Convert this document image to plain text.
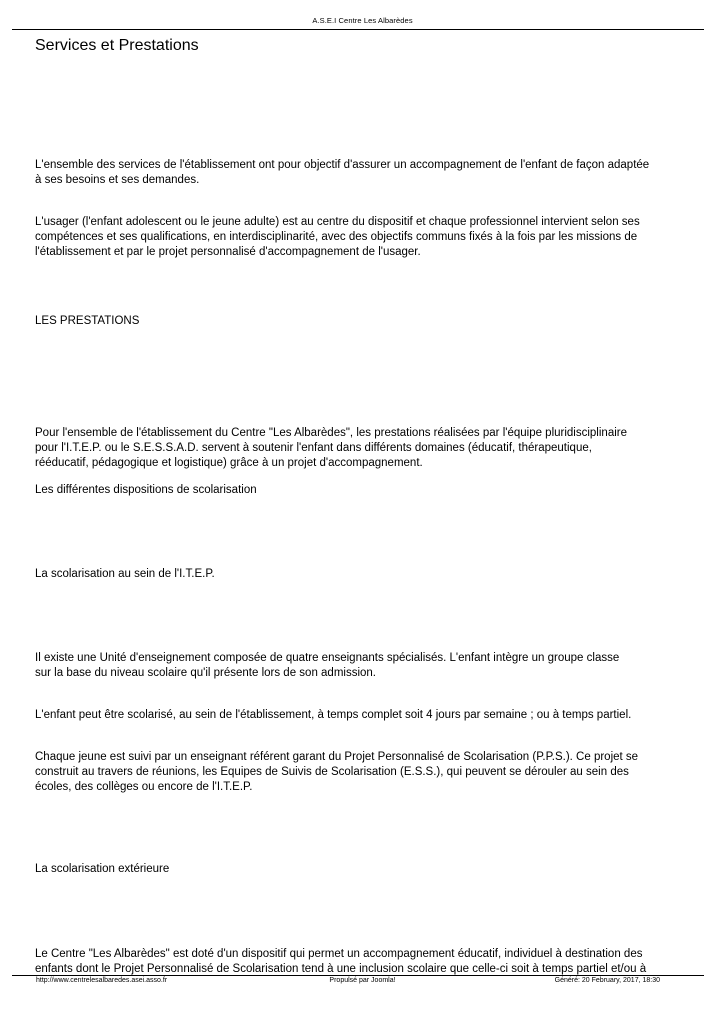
A.S.E.I Centre Les Albarèdes
Services et Prestations
L'ensemble des services de l'établissement ont pour objectif d'assurer un accompagnement de l'enfant de façon adaptée
à ses besoins et ses demandes.
L'usager (l'enfant adolescent ou le jeune adulte) est au centre du dispositif et chaque professionnel intervient selon ses
compétences et ses qualifications, en interdisciplinarité, avec des objectifs communs fixés à la fois par les missions de
l'établissement et par le projet personnalisé d'accompagnement de l'usager.
LES PRESTATIONS
Pour l'ensemble de l'établissement du Centre "Les Albarèdes", les prestations réalisées par l'équipe pluridisciplinaire
pour l'I.T.E.P. ou le S.E.S.S.A.D. servent à soutenir l'enfant dans différents domaines (éducatif, thérapeutique,
rééducatif, pédagogique et logistique) grâce à un projet d'accompagnement.
Les différentes dispositions de scolarisation
La scolarisation au sein de l'I.T.E.P.
Il existe une Unité d'enseignement composée de quatre enseignants spécialisés. L'enfant intègre un groupe classe
sur la base du niveau scolaire qu'il présente lors de son admission.
L'enfant peut être scolarisé, au sein de l'établissement, à temps complet soit 4 jours par semaine ; ou à temps partiel.
Chaque jeune est suivi par un enseignant référent garant du Projet Personnalisé de Scolarisation (P.P.S.). Ce projet se
construit au travers de réunions, les Equipes de Suivis de Scolarisation (E.S.S.), qui peuvent se dérouler au sein des
écoles, des collèges ou encore de l'I.T.E.P.
La scolarisation extérieure
Le Centre "Les Albarèdes" est doté d'un dispositif qui permet un accompagnement éducatif, individuel à destination des
enfants dont le Projet Personnalisé de Scolarisation tend à une inclusion scolaire que celle-ci soit à temps partiel et/ou à
http://www.centrelesalbaredes.asei.asso.fr	Propulsé par Joomla!	Généré: 20 February, 2017, 18:30
